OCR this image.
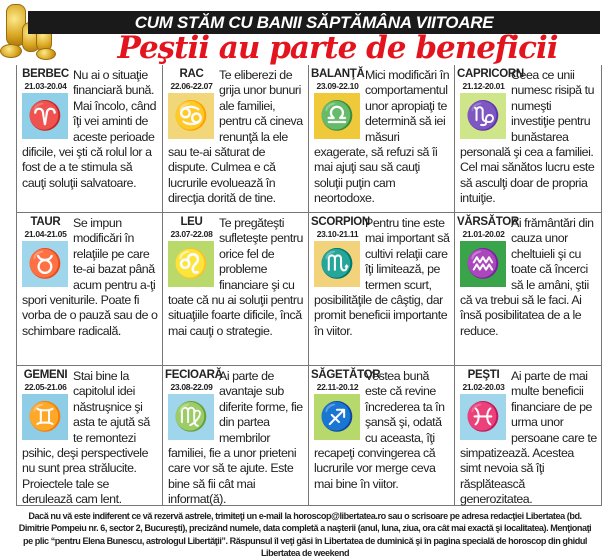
CUM STĂM CU BANII SĂPTĂMÂNA VIITOARE
Peştii au parte de beneficii
BERBEC
21.03-20.04
♈
Nu ai o situaţie financiară bună. Mai încolo, când îţi vei aminti de aceste perioade dificile, vei şti că rolul lor a fost de a te stimula să cauţi soluţii salvatoare.
RAC
22.06-22.07
♋
Te eliberezi de grija unor bunuri ale familiei, pentru că cineva renunţă la ele sau te-ai săturat de dispute. Culmea e că lucrurile evoluează în direcţia dorită de tine.
BALANŢĂ
23.09-22.10
♎
Mici modificări în comportamentul unor apropiaţi te determină să iei măsuri exagerate, să refuzi să îi mai ajuţi sau să cauţi soluţii puţin cam neortodoxe.
CAPRICORN
21.12-20.01
♑
Ceea ce unii numesc risipă tu numeşti investiţie pentru bunăstarea personală şi cea a familiei. Cel mai sănătos lucru este să asculţi doar de propria intuiţie.
TAUR
21.04-21.05
♉
Se impun modificări în relaţiile pe care te-ai bazat până acum pentru a-ţi spori veniturile. Poate fi vorba de o pauză sau de o schimbare radicală.
LEU
23.07-22.08
♌
Te pregăteşti sufleteşte pentru orice fel de probleme financiare şi cu toate că nu ai soluţii pentru situaţiile foarte dificile, încă mai cauţi o strategie.
SCORPION
23.10-21.11
♏
Pentru tine este mai important să cultivi relaţii care îţi limitează, pe termen scurt, posibilităţile de câştig, dar promit beneficii importante în viitor.
VĂRSĂTOR
21.01-20.02
♒
Ai frământări din cauza unor cheltuieli şi cu toate că încerci să le amâni, ştii că va trebui să le faci. Ai însă posibilitatea de a le reduce.
GEMENI
22.05-21.06
♊
Stai bine la capitolul idei năstruşnice şi asta te ajută să te remontezi psihic, deşi perspectivele nu sunt prea strălucite. Proiectele tale se derulează cam lent.
FECIOARĂ
23.08-22.09
♍
Ai parte de avantaje sub diferite forme, fie din partea membrilor familiei, fie a unor prieteni care vor să te ajute. Este bine să fii cât mai informat(ă).
SĂGETĂTOR
22.11-20.12
♐
Vestea bună este că revine încrederea ta în şansă şi, odată cu aceasta, îţi recapeţi convingerea că lucrurile vor merge ceva mai bine în viitor.
PEŞTI
21.02-20.03
♓
Ai parte de mai multe beneficii financiare de pe urma unor persoane care te simpatizează. Acestea simt nevoia să îţi răsplătească generozitatea.
Dacă nu vă este indiferent ce vă rezervă astrele, trimiteţi un e-mail la horoscop@libertatea.ro sau o scrisoare pe adresa redacţiei Libertatea (bd. Dimitrie Pompeiu nr. 6, sector 2, Bucureşti), precizând numele, data completă a naşterii (anul, luna, ziua, ora cât mai exactă şi localitatea). Menţionaţi pe plic “pentru Elena Bunescu, astrologul Libertăţii”. Răspunsul îl veţi găsi în Libertatea de duminică şi în pagina specială de horoscop din ghidul Libertatea de weekend
